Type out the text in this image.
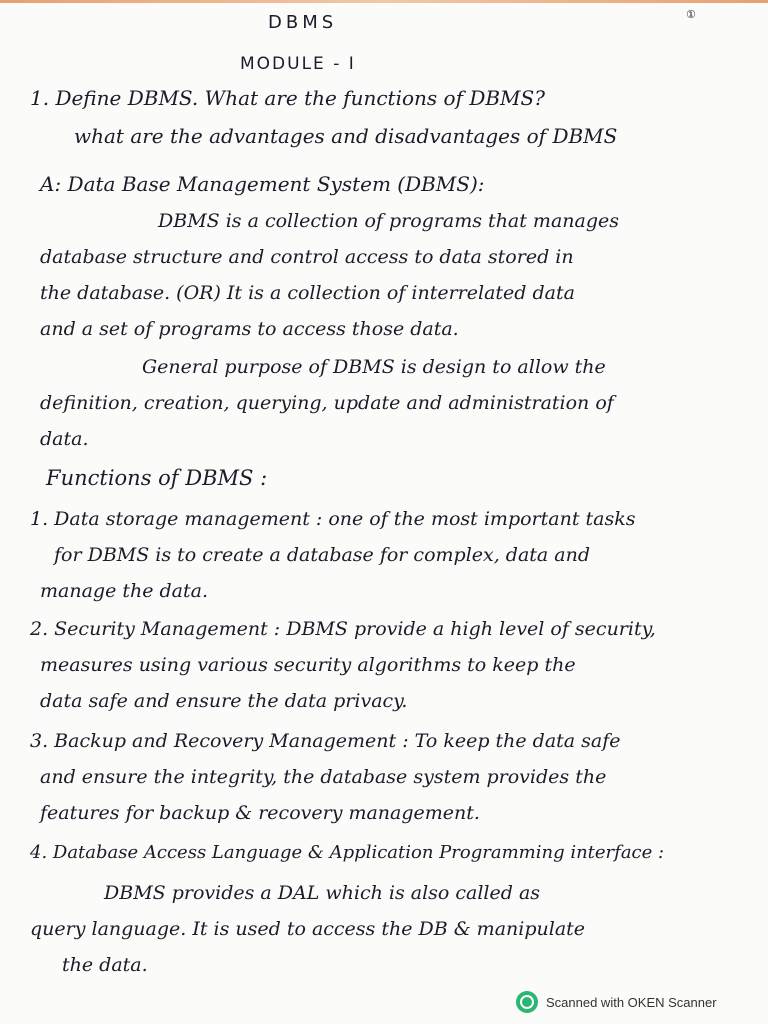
①
DBMS
MODULE - I
1. Define DBMS. What are the functions of DBMS?
what are the advantages and disadvantages of DBMS
A: Data Base Management System (DBMS):
DBMS is a collection of programs that manages
database structure and control access to data stored in
the database. (OR) It is a collection of interrelated data
and a set of programs to access those data.
General purpose of DBMS is design to allow the
definition, creation, querying, update and administration of
data.
Functions of DBMS :
1. Data storage management : one of the most important tasks
for DBMS is to create a database for complex, data and
manage the data.
2. Security Management : DBMS provide a high level of security,
measures using various security algorithms to keep the
data safe and ensure the data privacy.
3. Backup and Recovery Management : To keep the data safe
and ensure the integrity, the database system provides the
features for backup & recovery management.
4. Database Access Language & Application Programming interface :
DBMS provides a DAL which is also called as
query language. It is used to access the DB & manipulate
the data.
Scanned with OKEN Scanner
